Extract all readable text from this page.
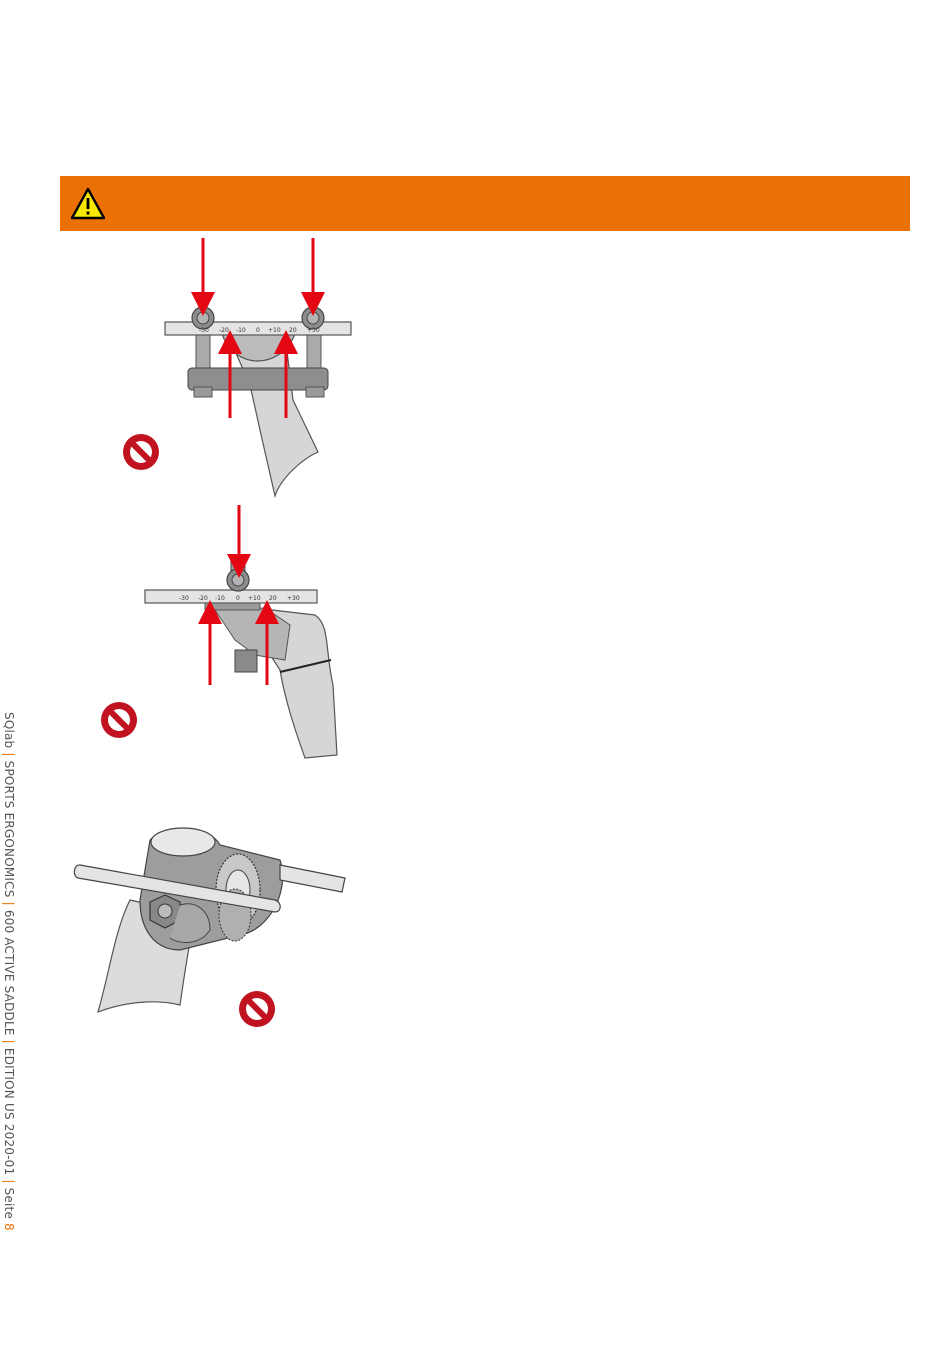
-30 -20 -10 0 +10 20 +30
-30 -20 -10 0 +10 20 +30
SQlab | SPORTS ERGONOMICS | 600 ACTIVE SADDLE | EDITION US 2020-01 | Seite 8
